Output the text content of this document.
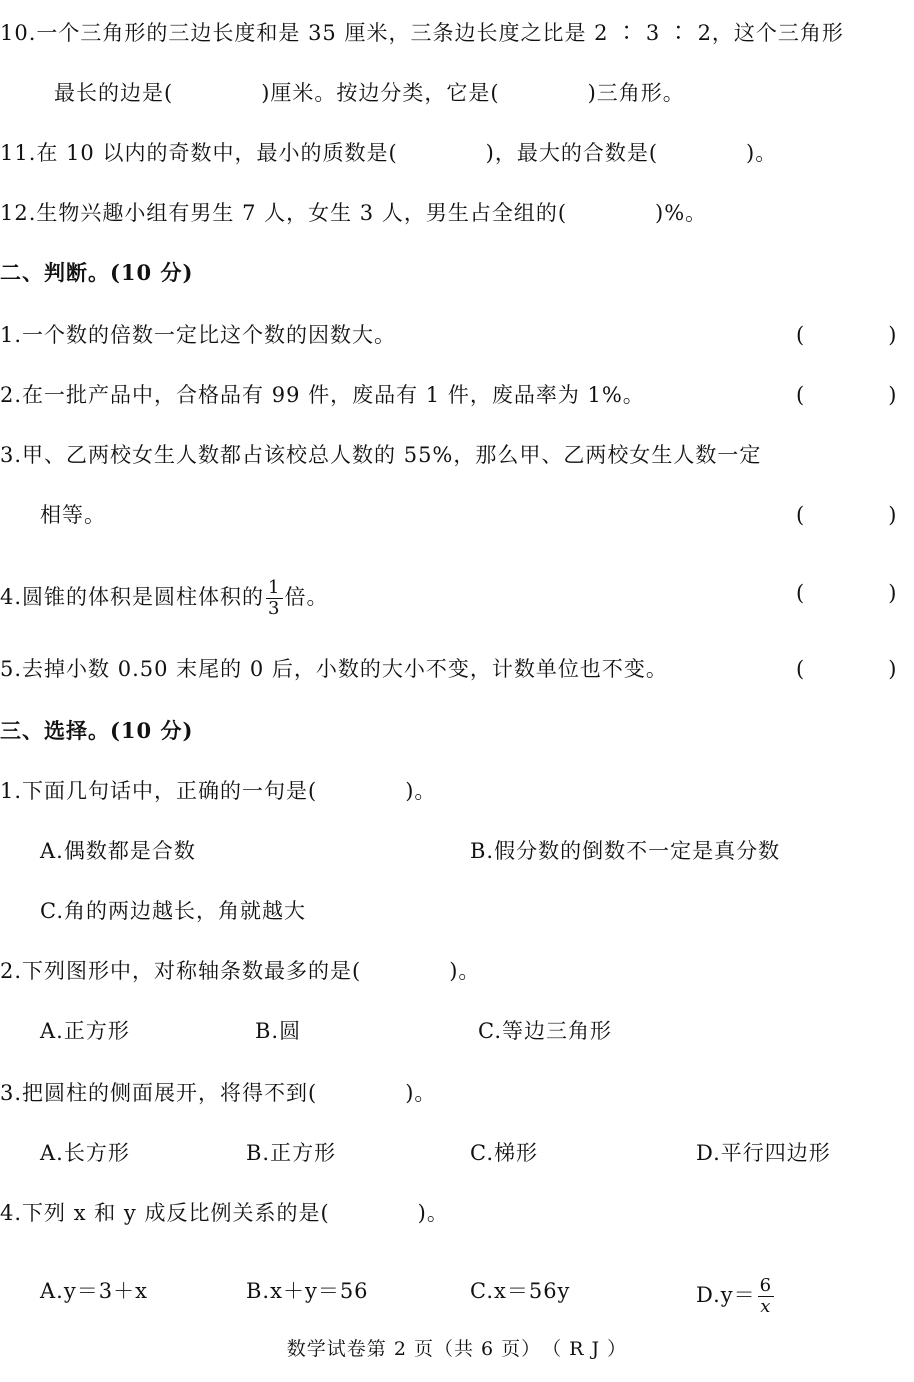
10.一个三角形的三边长度和是 35 厘米，三条边长度之比是 2 ∶ 3 ∶ 2，这个三角形
最长的边是(　　　　)厘米。按边分类，它是(　　　　)三角形。
11.在 10 以内的奇数中，最小的质数是(　　　　)，最大的合数是(　　　　)。
12.生物兴趣小组有男生 7 人，女生 3 人，男生占全组的(　　　　)%。
二、判断。(10 分)
1.一个数的倍数一定比这个数的因数大。	(　　　　)
2.在一批产品中，合格品有 99 件，废品有 1 件，废品率为 1%。	(　　　　)
3.甲、乙两校女生人数都占该校总人数的 55%，那么甲、乙两校女生人数一定
相等。	(　　　　)
4.圆锥的体积是圆柱体积的 $\frac{1}{3}$ 倍。	(　　　　)
5.去掉小数 0.50 末尾的 0 后，小数的大小不变，计数单位也不变。	(　　　　)
三、选择。(10 分)
1.下面几句话中，正确的一句是(　　　　)。
A.偶数都是合数	B.假分数的倒数不一定是真分数
C.角的两边越长，角就越大
2.下列图形中，对称轴条数最多的是(　　　　)。
A.正方形	B.圆	C.等边三角形
3.把圆柱的侧面展开，将得不到(　　　　)。
A.长方形	B.正方形	C.梯形	D.平行四边形
4.下列 x 和 y 成反比例关系的是(　　　　)。
A.y＝3＋x	B.x＋y＝56	C.x＝56y	$D.y= \frac{6}{x}$
数学试卷第 2 页（共 6 页）　（ R J ）
